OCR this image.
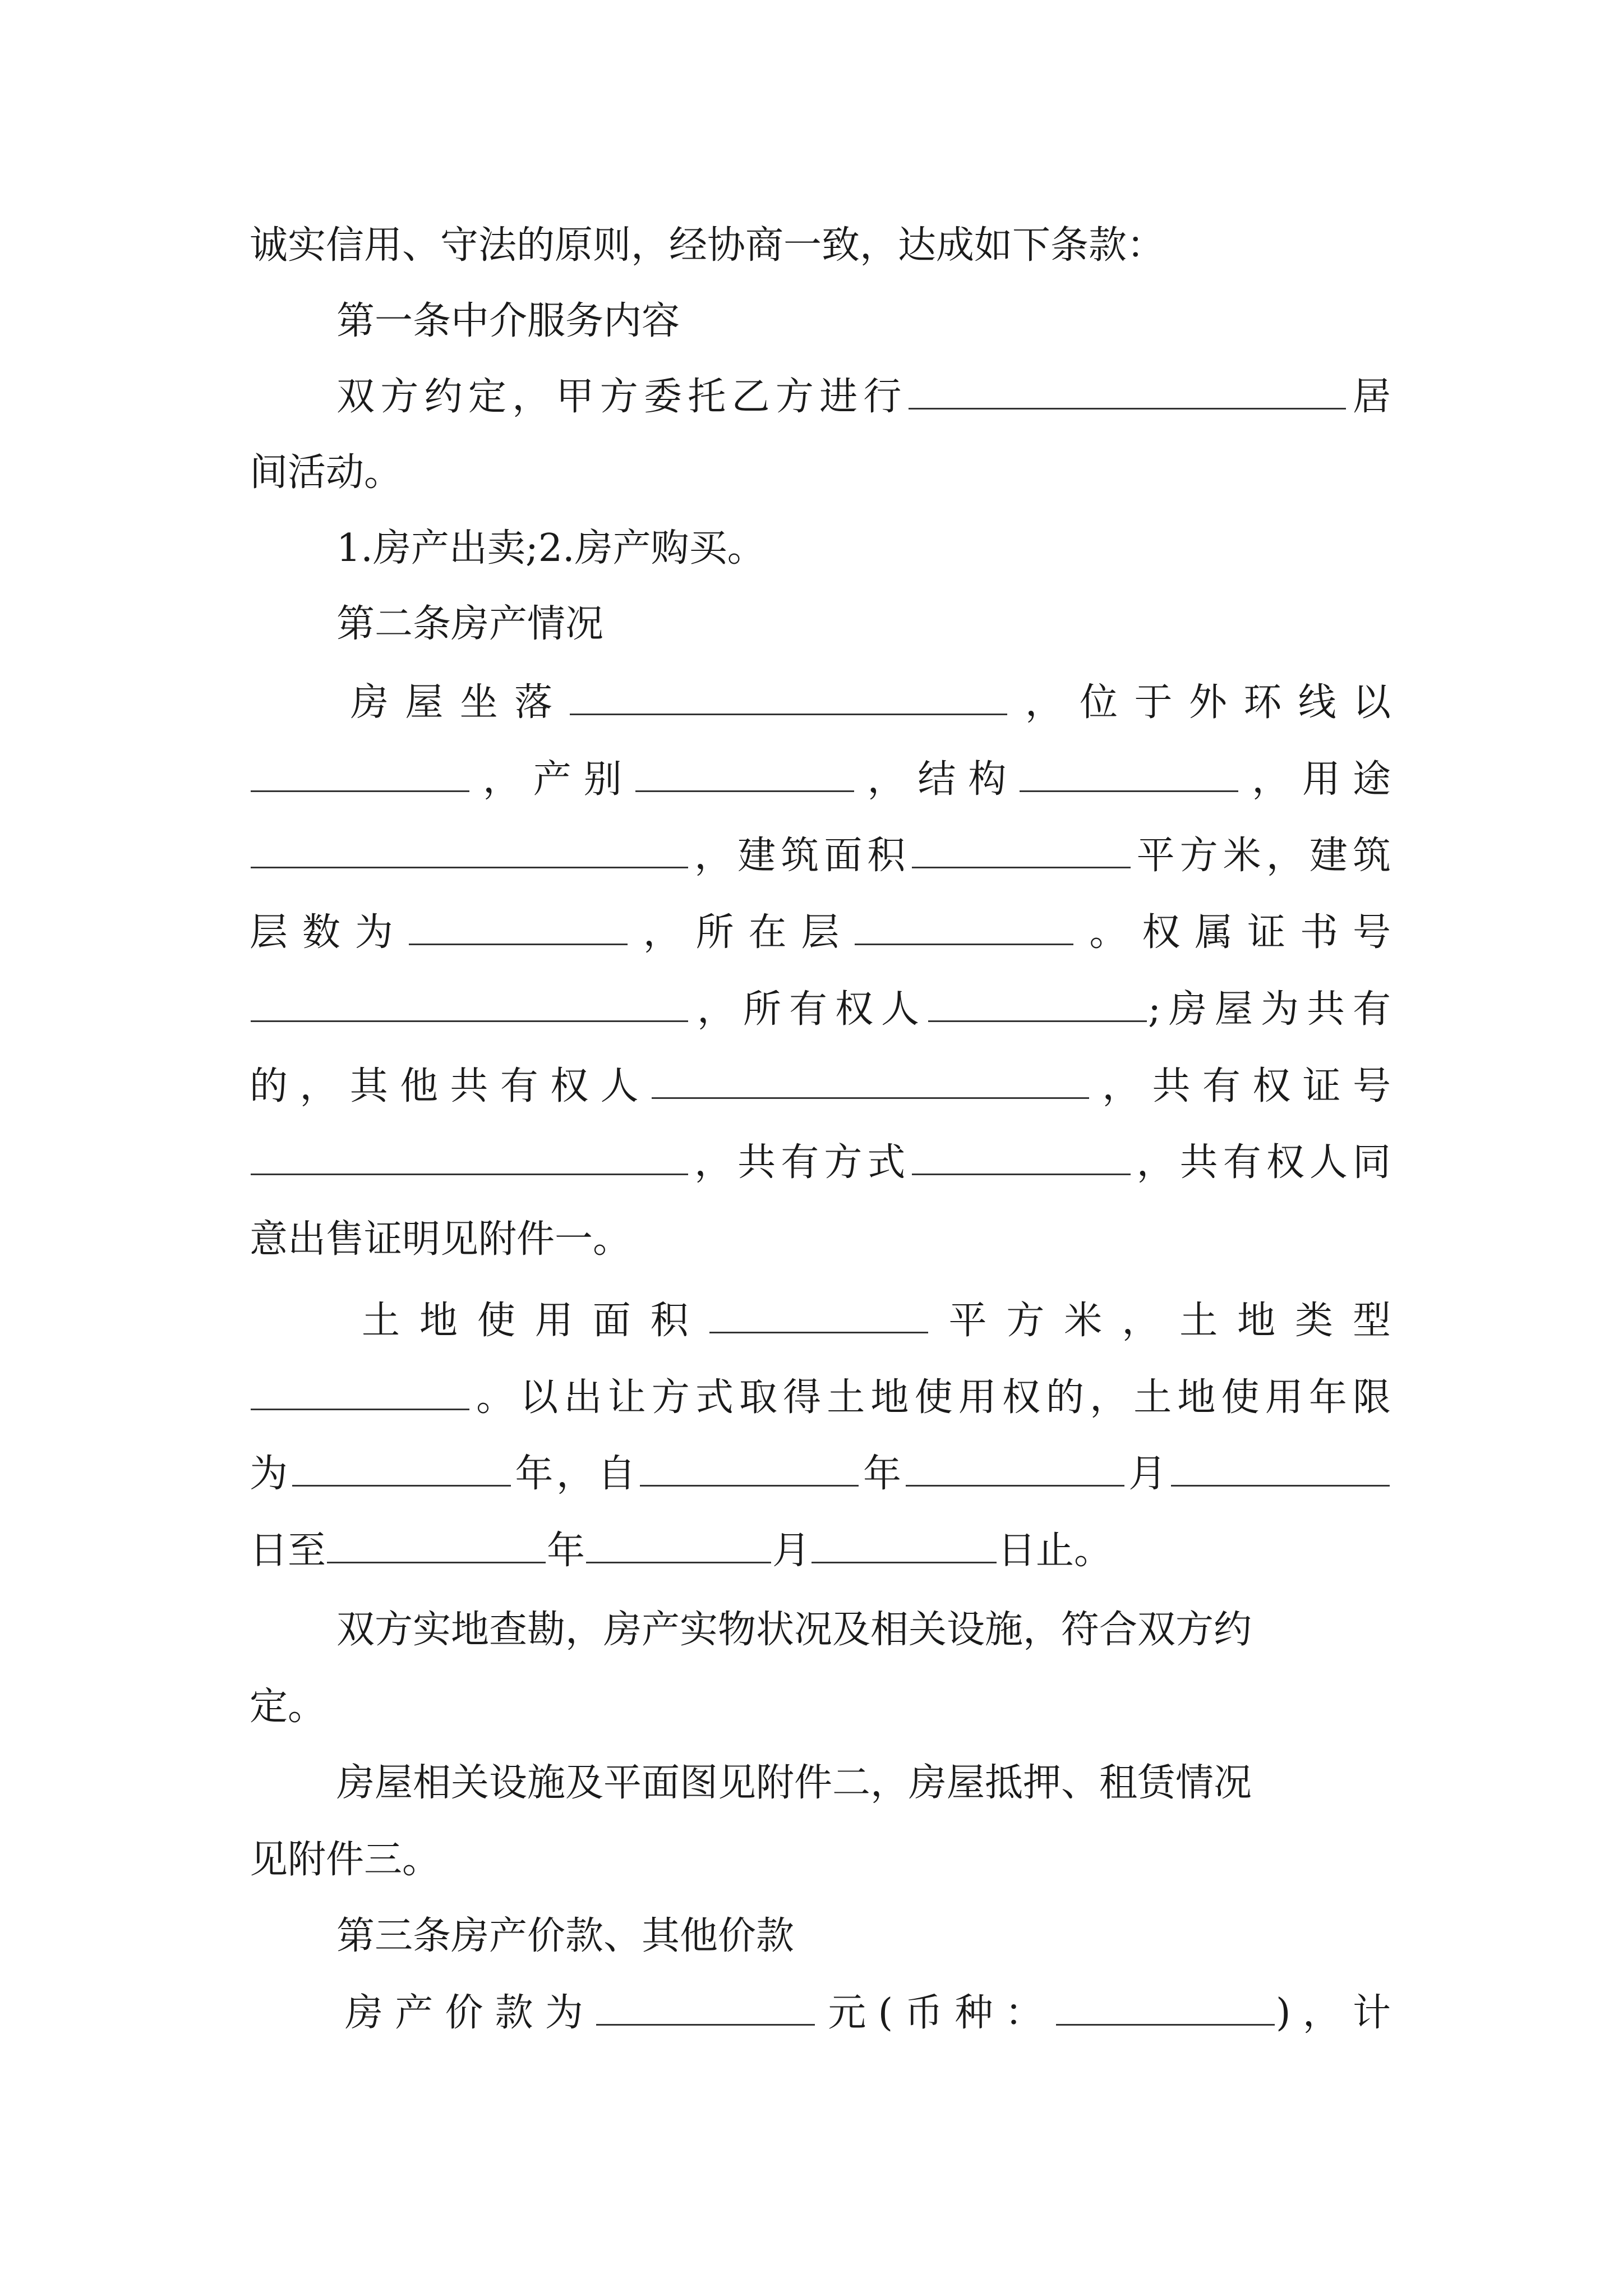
诚实信用、守法的原则，经协商一致，达成如下条款：
第一条中介服务内容
双方约定，甲方委托乙方进行	居
间活动。
1.房产出卖;2.房产购买。
第二条房产情况
房屋坐落	，位于外环线以
，产别	，结构	，用途
，建筑面积	平方米，建筑
层数为	，所在层	。权属证书号
，所有权人	;房屋为共有
的，其他共有权人	，共有权证号
，共有方式	，共有权人同
意出售证明见附件一。
土地使用面积	平方米，土地类型
。以出让方式取得土地使用权的，土地使用年限
为	年，自	年	月
日至	年	月	日止。
双方实地查勘，房产实物状况及相关设施，符合双方约
定。
房屋相关设施及平面图见附件二，房屋抵押、租赁情况
见附件三。
第三条房产价款、其他价款
房产价款为	元(币种：	)，计
